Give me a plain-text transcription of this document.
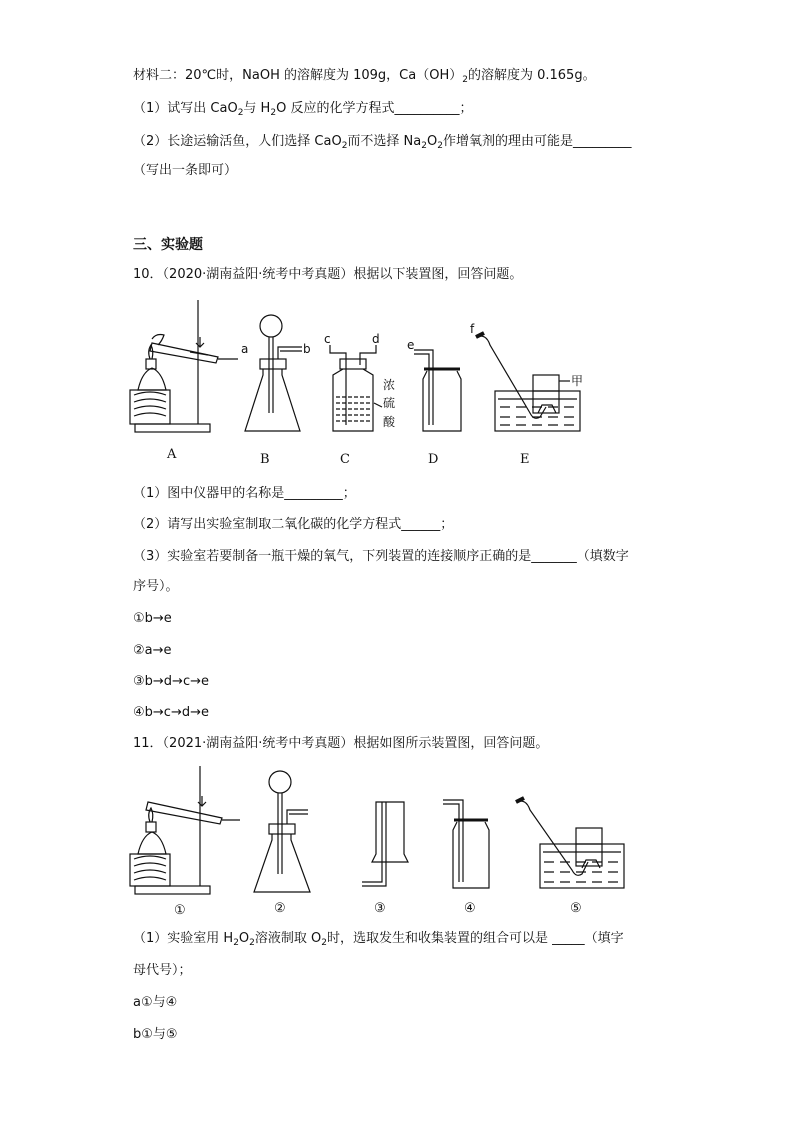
材料二：20℃时，NaOH 的溶解度为 109g，$Ca(OH)_2$的溶解度为 0.165g。
（1）试写出 CaO$_2$与 $H_2O$ 反应的化学方程式__________；
（2）长途运输活鱼，人们选择 CaO$_2$而不选择 $Na_2O_2$作增氧剂的理由可能是_________
（写出一条即可）
三、实验题
10．（2020·湖南益阳·统考中考真题）根据以下装置图，回答问题。
a	b
c	d
浓
硫
酸
e
f
甲
A	B	C	D	E
（1）图中仪器甲的名称是_________；
（2）请写出实验室制取二氧化碳的化学方程式______；
（3）实验室若要制备一瓶干燥的氧气，下列装置的连接顺序正确的是_______（填数字
序号）。
①b→e
②a→e
③b→d→c→e
④b→c→d→e
11．（2021·湖南益阳·统考中考真题）根据如图所示装置图，回答问题。
①	②	③	④	⑤
（1）实验室用 $H_2O_2$溶液制取 $O_2$时，选取发生和收集装置的组合可以是 _____（填字
母代号）；
a①与④
b①与⑤
